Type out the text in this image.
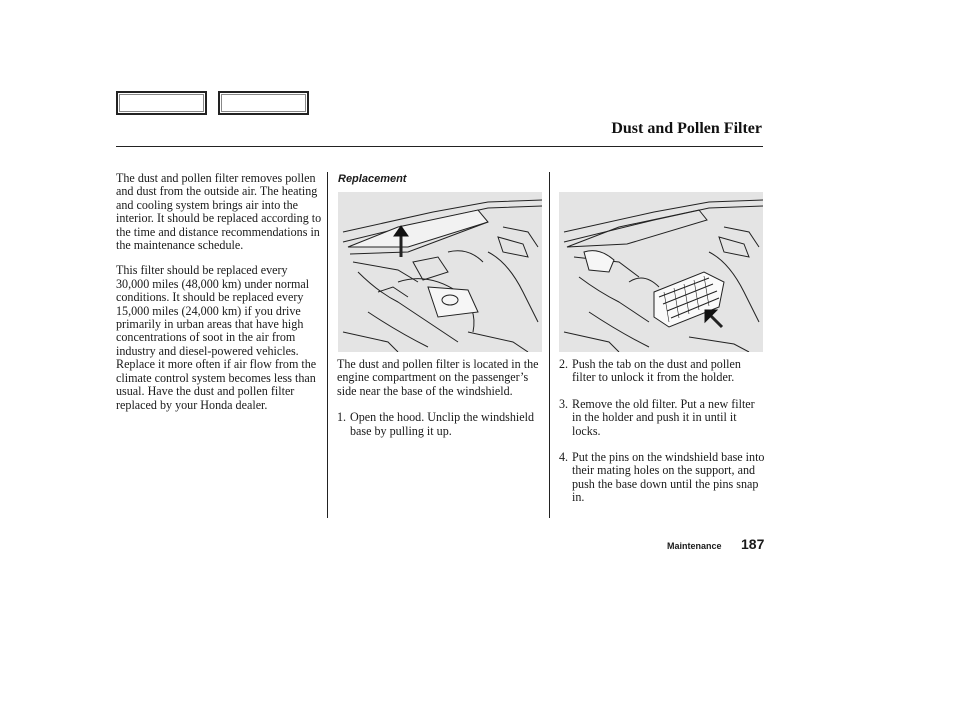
Dust and Pollen Filter

The dust and pollen filter removes pollen and dust from the outside air. The heating and cooling system brings air into the interior. It should be replaced according to the time and distance recommendations in the maintenance schedule.

This filter should be replaced every 30,000 miles (48,000 km) under normal conditions. It should be replaced every 15,000 miles (24,000 km) if you drive primarily in urban areas that have high concentrations of soot in the air from industry and diesel-powered vehicles. Replace it more often if air flow from the climate control system becomes less than usual. Have the dust and pollen filter replaced by your Honda dealer.

Replacement

The dust and pollen filter is located in the engine compartment on the passenger’s side near the base of the windshield.

1. Open the hood. Unclip the windshield base by pulling it up.
2. Push the tab on the dust and pollen filter to unlock it from the holder.
3. Remove the old filter. Put a new filter in the holder and push it in until it locks.
4. Put the pins on the windshield base into their mating holes on the support, and push the base down until the pins snap in.
Maintenance 187
